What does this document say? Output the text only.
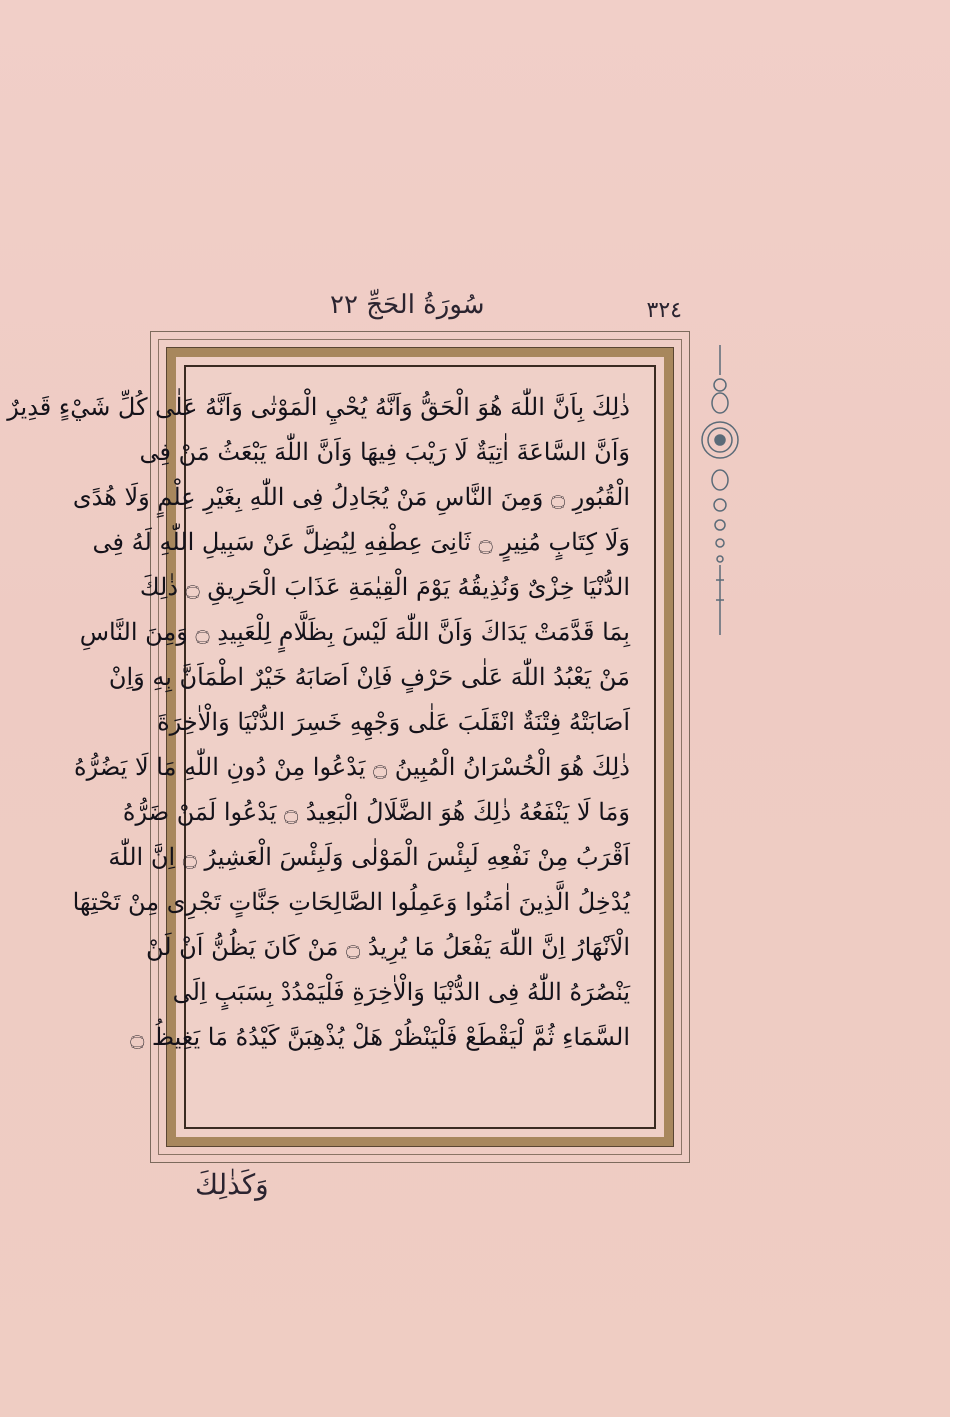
سُورَةُ الحَجِّ ٢٢	٣٢٤
ذٰلِكَ بِاَنَّ اللّٰهَ هُوَ الْحَقُّ وَاَنَّهُ يُحْيِ الْمَوْتٰى وَاَنَّهُ عَلٰى كُلِّ شَيْءٍ قَدِيرٌ
وَاَنَّ السَّاعَةَ اٰتِيَةٌ لَا رَيْبَ فِيهَا وَاَنَّ اللّٰهَ يَبْعَثُ مَنْ فِى
الْقُبُورِ ۝ وَمِنَ النَّاسِ مَنْ يُجَادِلُ فِى اللّٰهِ بِغَيْرِ عِلْمٍ وَلَا هُدًى
وَلَا كِتَابٍ مُنِيرٍ ۝ ثَانِىَ عِطْفِهِ لِيُضِلَّ عَنْ سَبِيلِ اللّٰهِ لَهُ فِى
الدُّنْيَا خِزْىٌ وَنُذِيقُهُ يَوْمَ الْقِيٰمَةِ عَذَابَ الْحَرِيقِ ۝ ذٰلِكَ
بِمَا قَدَّمَتْ يَدَاكَ وَاَنَّ اللّٰهَ لَيْسَ بِظَلَّامٍ لِلْعَبِيدِ ۝ وَمِنَ النَّاسِ
مَنْ يَعْبُدُ اللّٰهَ عَلٰى حَرْفٍ فَاِنْ اَصَابَهُ خَيْرٌ اطْمَاَنَّ بِهِ وَاِنْ
اَصَابَتْهُ فِتْنَةٌ انْقَلَبَ عَلٰى وَجْهِهِ خَسِرَ الدُّنْيَا وَالْاٰخِرَةَ
ذٰلِكَ هُوَ الْخُسْرَانُ الْمُبِينُ ۝ يَدْعُوا مِنْ دُونِ اللّٰهِ مَا لَا يَضُرُّهُ
وَمَا لَا يَنْفَعُهُ ذٰلِكَ هُوَ الضَّلَالُ الْبَعِيدُ ۝ يَدْعُوا لَمَنْ ضَرُّهُ
اَقْرَبُ مِنْ نَفْعِهِ لَبِئْسَ الْمَوْلٰى وَلَبِئْسَ الْعَشِيرُ ۝ اِنَّ اللّٰهَ
يُدْخِلُ الَّذِينَ اٰمَنُوا وَعَمِلُوا الصَّالِحَاتِ جَنَّاتٍ تَجْرِى مِنْ تَحْتِهَا
الْاَنْهَارُ اِنَّ اللّٰهَ يَفْعَلُ مَا يُرِيدُ ۝ مَنْ كَانَ يَظُنُّ اَنْ لَنْ
يَنْصُرَهُ اللّٰهُ فِى الدُّنْيَا وَالْاٰخِرَةِ فَلْيَمْدُدْ بِسَبَبٍ اِلَى
السَّمَاءِ ثُمَّ لْيَقْطَعْ فَلْيَنْظُرْ هَلْ يُذْهِبَنَّ كَيْدُهُ مَا يَغِيظُ ۝
وَكَذٰلِكَ
